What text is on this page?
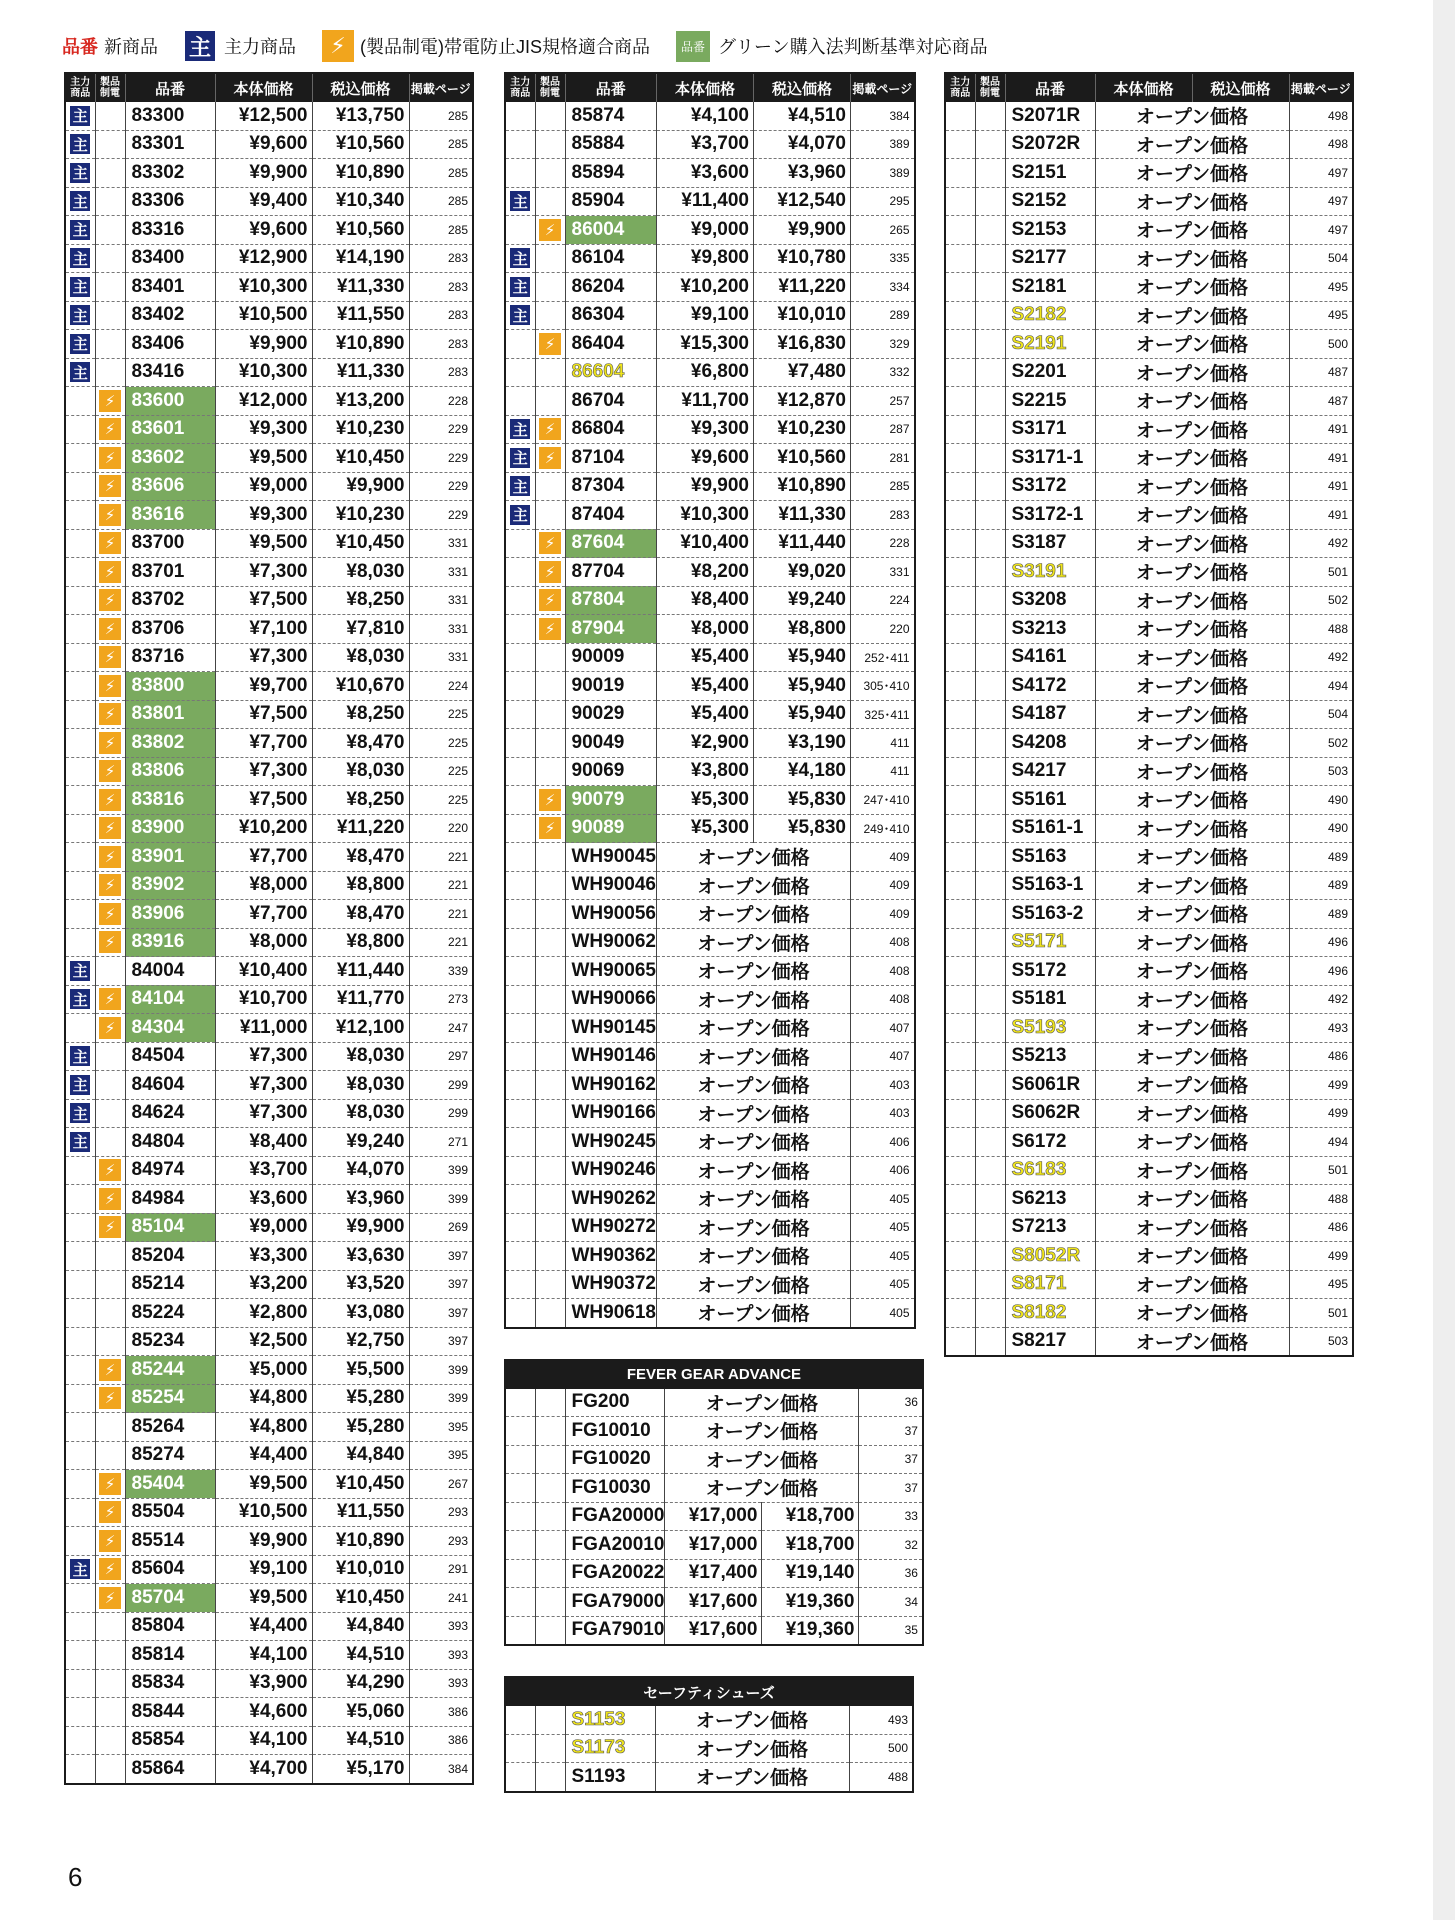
品番 新商品 主 主力商品	⚡ (製品制電)帯電防止JIS規格適合商品	品番 グリーン購入法判断基準対応商品
主力 商品	製品 制電	品番	本体価格	税込価格	掲載ページ
主		83300	¥12,500	¥13,750	285
主		83301	¥9,600	¥10,560	285
主		83302	¥9,900	¥10,890	285
主		83306	¥9,400	¥10,340	285
主		83316	¥9,600	¥10,560	285
主		83400	¥12,900	¥14,190	283
主		83401	¥10,300	¥11,330	283
主		83402	¥10,500	¥11,550	283
主		83406	¥9,900	¥10,890	283
主		83416	¥10,300	¥11,330	283
	⚡	83600	¥12,000	¥13,200	228
	⚡	83601	¥9,300	¥10,230	229
	⚡	83602	¥9,500	¥10,450	229
	⚡	83606	¥9,000	¥9,900	229
	⚡	83616	¥9,300	¥10,230	229
	⚡	83700	¥9,500	¥10,450	331
	⚡	83701	¥7,300	¥8,030	331
	⚡	83702	¥7,500	¥8,250	331
	⚡	83706	¥7,100	¥7,810	331
	⚡	83716	¥7,300	¥8,030	331
	⚡	83800	¥9,700	¥10,670	224
	⚡	83801	¥7,500	¥8,250	225
	⚡	83802	¥7,700	¥8,470	225
	⚡	83806	¥7,300	¥8,030	225
	⚡	83816	¥7,500	¥8,250	225
	⚡	83900	¥10,200	¥11,220	220
	⚡	83901	¥7,700	¥8,470	221
	⚡	83902	¥8,000	¥8,800	221
	⚡	83906	¥7,700	¥8,470	221
	⚡	83916	¥8,000	¥8,800	221
主		84004	¥10,400	¥11,440	339
主	⚡	84104	¥10,700	¥11,770	273
	⚡	84304	¥11,000	¥12,100	247
主		84504	¥7,300	¥8,030	297
主		84604	¥7,300	¥8,030	299
主		84624	¥7,300	¥8,030	299
主		84804	¥8,400	¥9,240	271
	⚡	84974	¥3,700	¥4,070	399
	⚡	84984	¥3,600	¥3,960	399
	⚡	85104	¥9,000	¥9,900	269
		85204	¥3,300	¥3,630	397
		85214	¥3,200	¥3,520	397
		85224	¥2,800	¥3,080	397
		85234	¥2,500	¥2,750	397
	⚡	85244	¥5,000	¥5,500	399
	⚡	85254	¥4,800	¥5,280	399
		85264	¥4,800	¥5,280	395
		85274	¥4,400	¥4,840	395
	⚡	85404	¥9,500	¥10,450	267
	⚡	85504	¥10,500	¥11,550	293
	⚡	85514	¥9,900	¥10,890	293
主	⚡	85604	¥9,100	¥10,010	291
	⚡	85704	¥9,500	¥10,450	241
		85804	¥4,400	¥4,840	393
		85814	¥4,100	¥4,510	393
		85834	¥3,900	¥4,290	393
		85844	¥4,600	¥5,060	386
		85854	¥4,100	¥4,510	386
		85864	¥4,700	¥5,170	384
主力 商品	製品 制電	品番	本体価格	税込価格	掲載ページ
		85874	¥4,100	¥4,510	384
		85884	¥3,700	¥4,070	389
		85894	¥3,600	¥3,960	389
主		85904	¥11,400	¥12,540	295
	⚡	86004	¥9,000	¥9,900	265
主		86104	¥9,800	¥10,780	335
主		86204	¥10,200	¥11,220	334
主		86304	¥9,100	¥10,010	289
	⚡	86404	¥15,300	¥16,830	329
		86604	¥6,800	¥7,480	332
		86704	¥11,700	¥12,870	257
主	⚡	86804	¥9,300	¥10,230	287
主	⚡	87104	¥9,600	¥10,560	281
主		87304	¥9,900	¥10,890	285
主		87404	¥10,300	¥11,330	283
	⚡	87604	¥10,400	¥11,440	228
	⚡	87704	¥8,200	¥9,020	331
	⚡	87804	¥8,400	¥9,240	224
	⚡	87904	¥8,000	¥8,800	220
		90009	¥5,400	¥5,940	252･411
		90019	¥5,400	¥5,940	305･410
		90029	¥5,400	¥5,940	325･411
		90049	¥2,900	¥3,190	411
		90069	¥3,800	¥4,180	411
	⚡	90079	¥5,300	¥5,830	247･410
	⚡	90089	¥5,300	¥5,830	249･410
		WH90045	オープン価格		409
		WH90046	オープン価格		409
		WH90056	オープン価格		409
		WH90062	オープン価格		408
		WH90065	オープン価格		408
		WH90066	オープン価格		408
		WH90145	オープン価格		407
		WH90146	オープン価格		407
		WH90162	オープン価格		403
		WH90166	オープン価格		403
		WH90245	オープン価格		406
		WH90246	オープン価格		406
		WH90262	オープン価格		405
		WH90272	オープン価格		405
		WH90362	オープン価格		405
		WH90372	オープン価格		405
		WH90618	オープン価格		405
FEVER GEAR ADVANCE					
		FG200	オープン価格		36
		FG10010	オープン価格		37
		FG10020	オープン価格		37
		FG10030	オープン価格		37
		FGA20000	¥17,000	¥18,700	33
		FGA20010	¥17,000	¥18,700	32
		FGA20022	¥17,400	¥19,140	36
		FGA79000	¥17,600	¥19,360	34
		FGA79010	¥17,600	¥19,360	35
セーフティシューズ				
		S1153	オープン価格	493
		S1173	オープン価格	500
		S1193	オープン価格	488
主力 商品	製品 制電	品番	本体価格	税込価格	掲載ページ
		S2071R	オープン価格		498
		S2072R	オープン価格		498
		S2151	オープン価格		497
		S2152	オープン価格		497
		S2153	オープン価格		497
		S2177	オープン価格		504
		S2181	オープン価格		495
		S2182	オープン価格		495
		S2191	オープン価格		500
		S2201	オープン価格		487
		S2215	オープン価格		487
		S3171	オープン価格		491
		S3171-1	オープン価格		491
		S3172	オープン価格		491
		S3172-1	オープン価格		491
		S3187	オープン価格		492
		S3191	オープン価格		501
		S3208	オープン価格		502
		S3213	オープン価格		488
		S4161	オープン価格		492
		S4172	オープン価格		494
		S4187	オープン価格		504
		S4208	オープン価格		502
		S4217	オープン価格		503
		S5161	オープン価格		490
		S5161-1	オープン価格		490
		S5163	オープン価格		489
		S5163-1	オープン価格		489
		S5163-2	オープン価格		489
		S5171	オープン価格		496
		S5172	オープン価格		496
		S5181	オープン価格		492
		S5193	オープン価格		493
		S5213	オープン価格		486
		S6061R	オープン価格		499
		S6062R	オープン価格		499
		S6172	オープン価格		494
		S6183	オープン価格		501
		S6213	オープン価格		488
		S7213	オープン価格		486
		S8052R	オープン価格		499
		S8171	オープン価格		495
		S8182	オープン価格		501
		S8217	オープン価格		503
6
